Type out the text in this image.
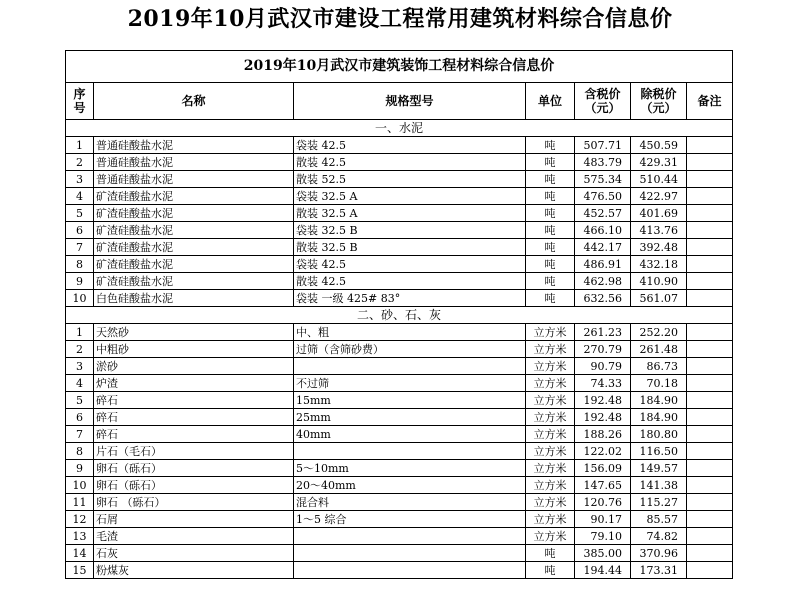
2019年10月武汉市建设工程常用建筑材料综合信息价
2019年10月武汉市建筑装饰工程材料综合信息价						
序号	名称	规格型号	单位	含税价（元）	除税价（元）	备注
一、水泥						
1	普通硅酸盐水泥	袋装 42.5	吨	507.71	450.59	
2	普通硅酸盐水泥	散装 42.5	吨	483.79	429.31	
3	普通硅酸盐水泥	散装 52.5	吨	575.34	510.44	
4	矿渣硅酸盐水泥	袋装 32.5 A	吨	476.50	422.97	
5	矿渣硅酸盐水泥	散装 32.5 A	吨	452.57	401.69	
6	矿渣硅酸盐水泥	袋装 32.5 B	吨	466.10	413.76	
7	矿渣硅酸盐水泥	散装 32.5 B	吨	442.17	392.48	
8	矿渣硅酸盐水泥	袋装 42.5	吨	486.91	432.18	
9	矿渣硅酸盐水泥	散装 42.5	吨	462.98	410.90	
10	白色硅酸盐水泥	袋装 一级 425# 83°	吨	632.56	561.07	
二、砂、石、灰						
1	天然砂	中、粗	立方米	261.23	252.20	
2	中粗砂	过筛（含筛砂费）	立方米	270.79	261.48	
3	淤砂		立方米	90.79	86.73	
4	炉渣	不过筛	立方米	74.33	70.18	
5	碎石	15mm	立方米	192.48	184.90	
6	碎石	25mm	立方米	192.48	184.90	
7	碎石	40mm	立方米	188.26	180.80	
8	片石（毛石）		立方米	122.02	116.50	
9	卵石（砾石）	5～10mm	立方米	156.09	149.57	
10	卵石（砾石）	20～40mm	立方米	147.65	141.38	
11	卵石 （砾石）	混合料	立方米	120.76	115.27	
12	石屑	1～5 综合	立方米	90.17	85.57	
13	毛渣		立方米	79.10	74.82	
14	石灰		吨	385.00	370.96	
15	粉煤灰		吨	194.44	173.31	
